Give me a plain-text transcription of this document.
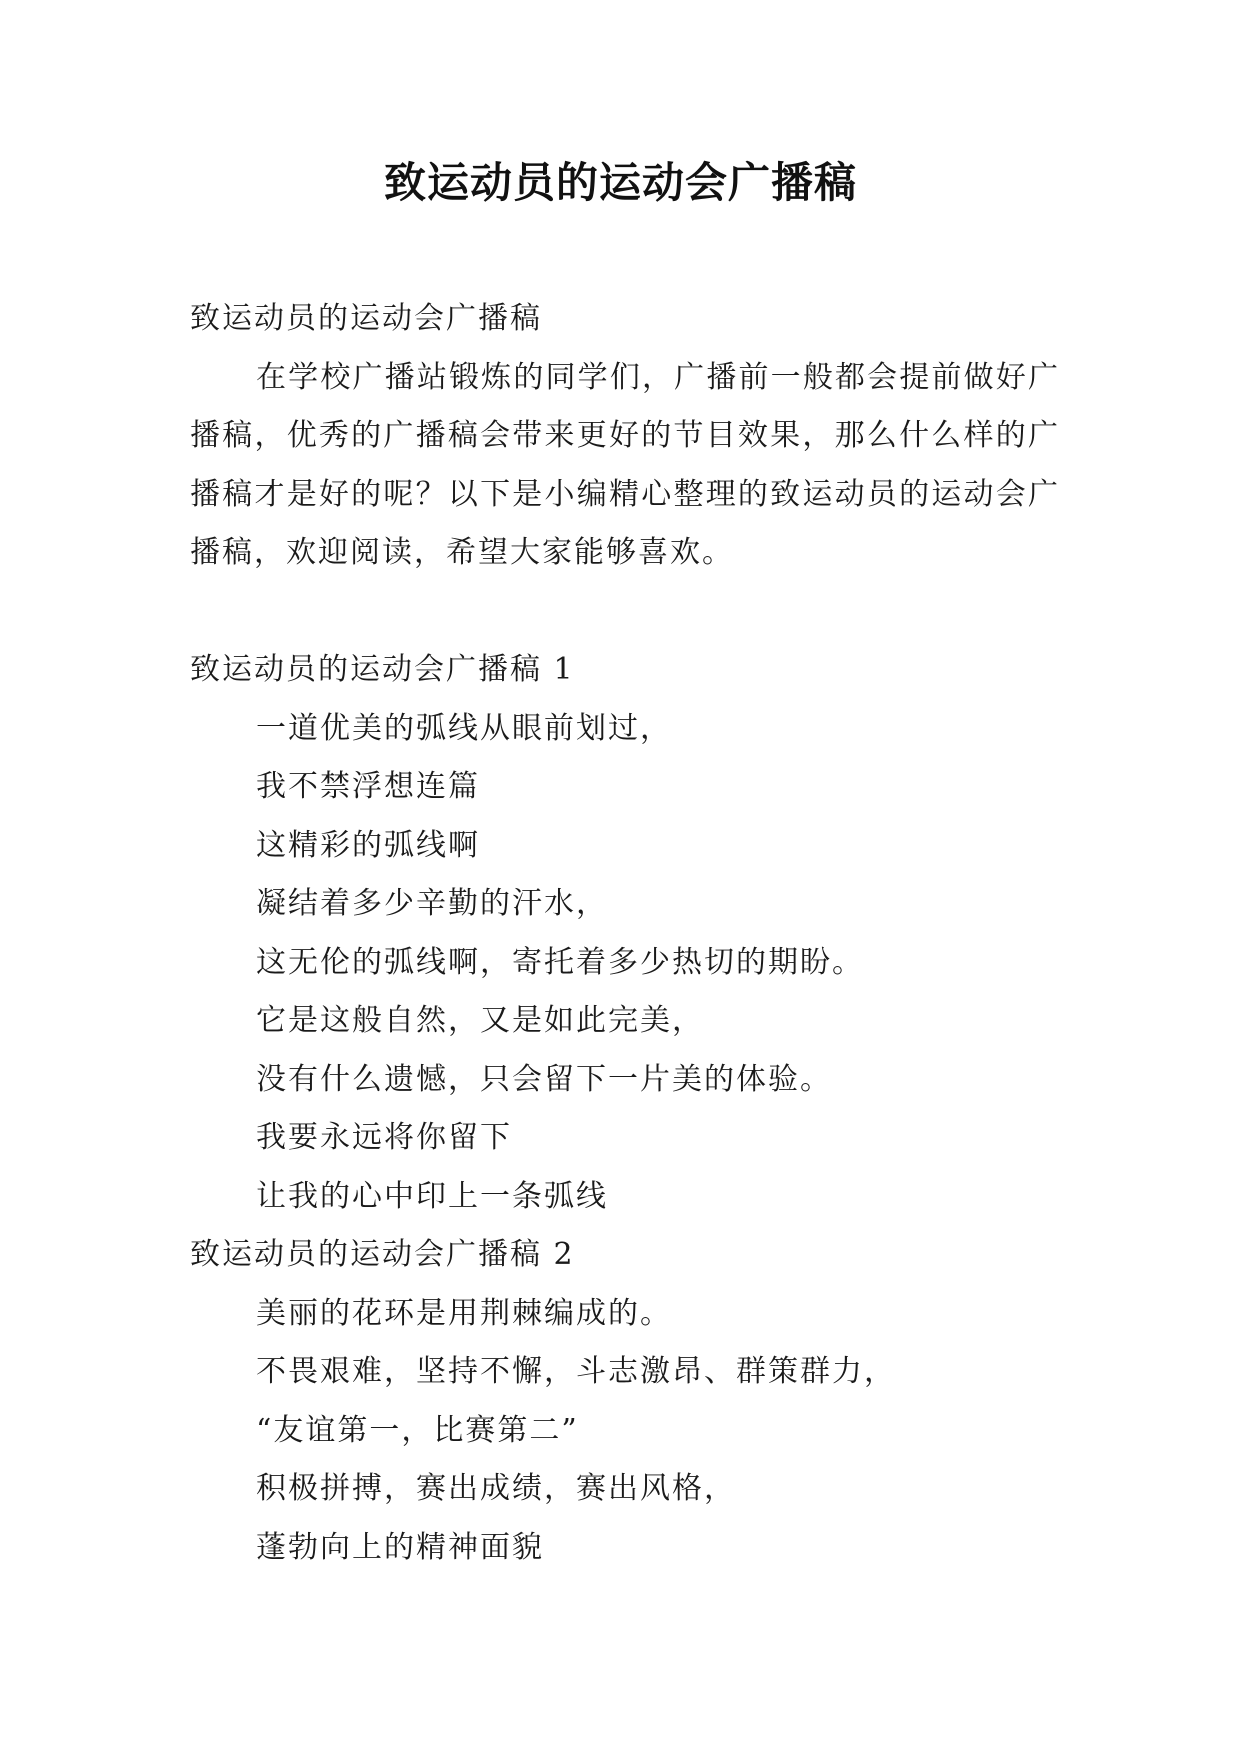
致运动员的运动会广播稿
致运动员的运动会广播稿
在学校广播站锻炼的同学们，广播前一般都会提前做好广播稿，优秀的广播稿会带来更好的节目效果，那么什么样的广播稿才是好的呢？以下是小编精心整理的致运动员的运动会广播稿，欢迎阅读，希望大家能够喜欢。
致运动员的运动会广播稿 1
一道优美的弧线从眼前划过，
我不禁浮想连篇
这精彩的弧线啊
凝结着多少辛勤的汗水，
这无伦的弧线啊，寄托着多少热切的期盼。
它是这般自然，又是如此完美，
没有什么遗憾，只会留下一片美的体验。
我要永远将你留下
让我的心中印上一条弧线
致运动员的运动会广播稿 2
美丽的花环是用荆棘编成的。
不畏艰难，坚持不懈，斗志激昂、群策群力，
“友谊第一，比赛第二”
积极拼搏，赛出成绩，赛出风格，
蓬勃向上的精神面貌
